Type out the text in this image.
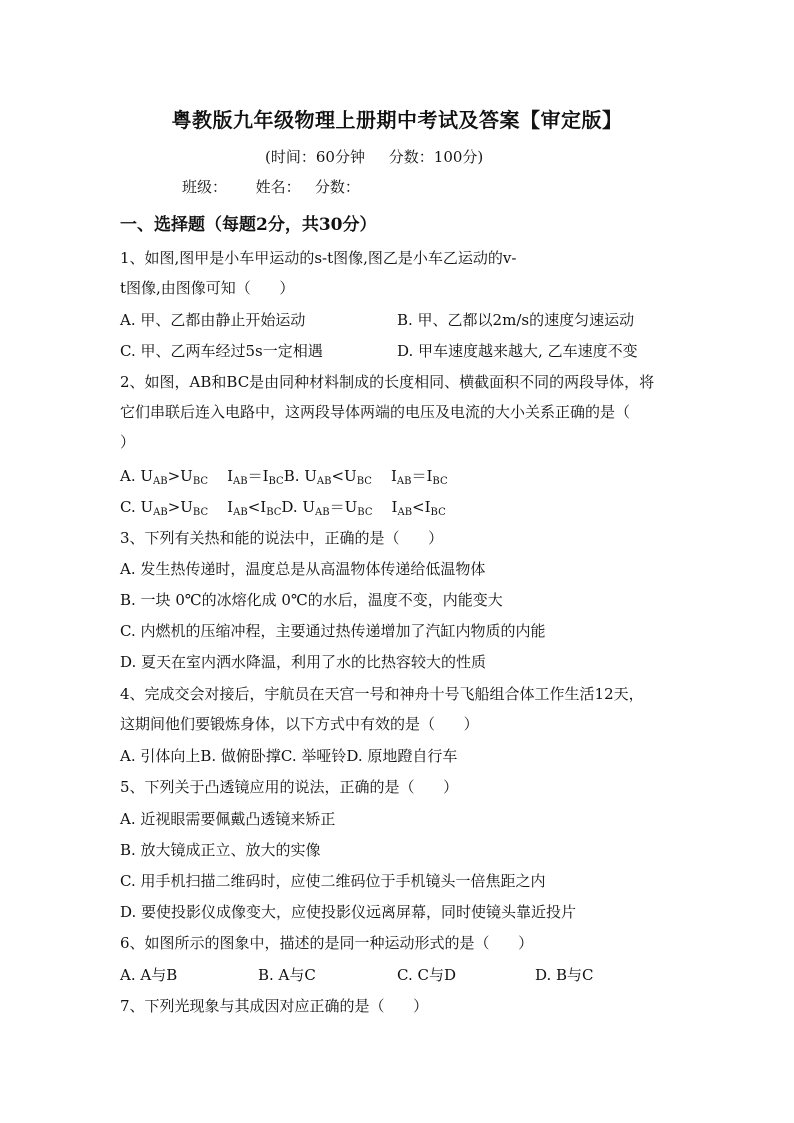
粤教版九年级物理上册期中考试及答案【审定版】
(时间：60分钟     分数：100分)
班级：      姓名：   分数：
一、选择题（每题2分，共30分）
1、如图,图甲是小车甲运动的s-t图像,图乙是小车乙运动的v-
t图像,由图像可知（      ）
A. 甲、乙都由静止开始运动	B. 甲、乙都以2m/s的速度匀速运动
C. 甲、乙两车经过5s一定相遇	D. 甲车速度越来越大, 乙车速度不变
2、如图，AB和BC是由同种材料制成的长度相同、横截面积不同的两段导体，将
它们串联后连入电路中，这两段导体两端的电压及电流的大小关系正确的是（
）
A. $U_{AB}>U_{BC}$    $I_{AB}=I_{BC}B$. $U_{AB}<U_{BC}$    $I_{AB}=I_{BC}$
C. $U_{AB}>U_{BC}$    $I_{AB}<I_{BC}D$. $U_{AB}=U_{BC}$    $I_{AB}<I_{BC}$
3、下列有关热和能的说法中，正确的是（      ）
A. 发生热传递时，温度总是从高温物体传递给低温物体
B. 一块 0℃的冰熔化成 0℃的水后，温度不变，内能变大
C. 内燃机的压缩冲程，主要通过热传递增加了汽缸内物质的内能
D. 夏天在室内洒水降温，利用了水的比热容较大的性质
4、完成交会对接后，宇航员在天宫一号和神舟十号飞船组合体工作生活12天，
这期间他们要锻炼身体，以下方式中有效的是（      ）
A. 引体向上B. 做俯卧撑C. 举哑铃D. 原地蹬自行车
5、下列关于凸透镜应用的说法，正确的是（      ）
A. 近视眼需要佩戴凸透镜来矫正
B. 放大镜成正立、放大的实像
C. 用手机扫描二维码时，应使二维码位于手机镜头一倍焦距之内
D. 要使投影仪成像变大，应使投影仪远离屏幕，同时使镜头靠近投片
6、如图所示的图象中，描述的是同一种运动形式的是（      ）
A. A与B	B. A与C	C. C与D	D. B与C
7、下列光现象与其成因对应正确的是（      ）
